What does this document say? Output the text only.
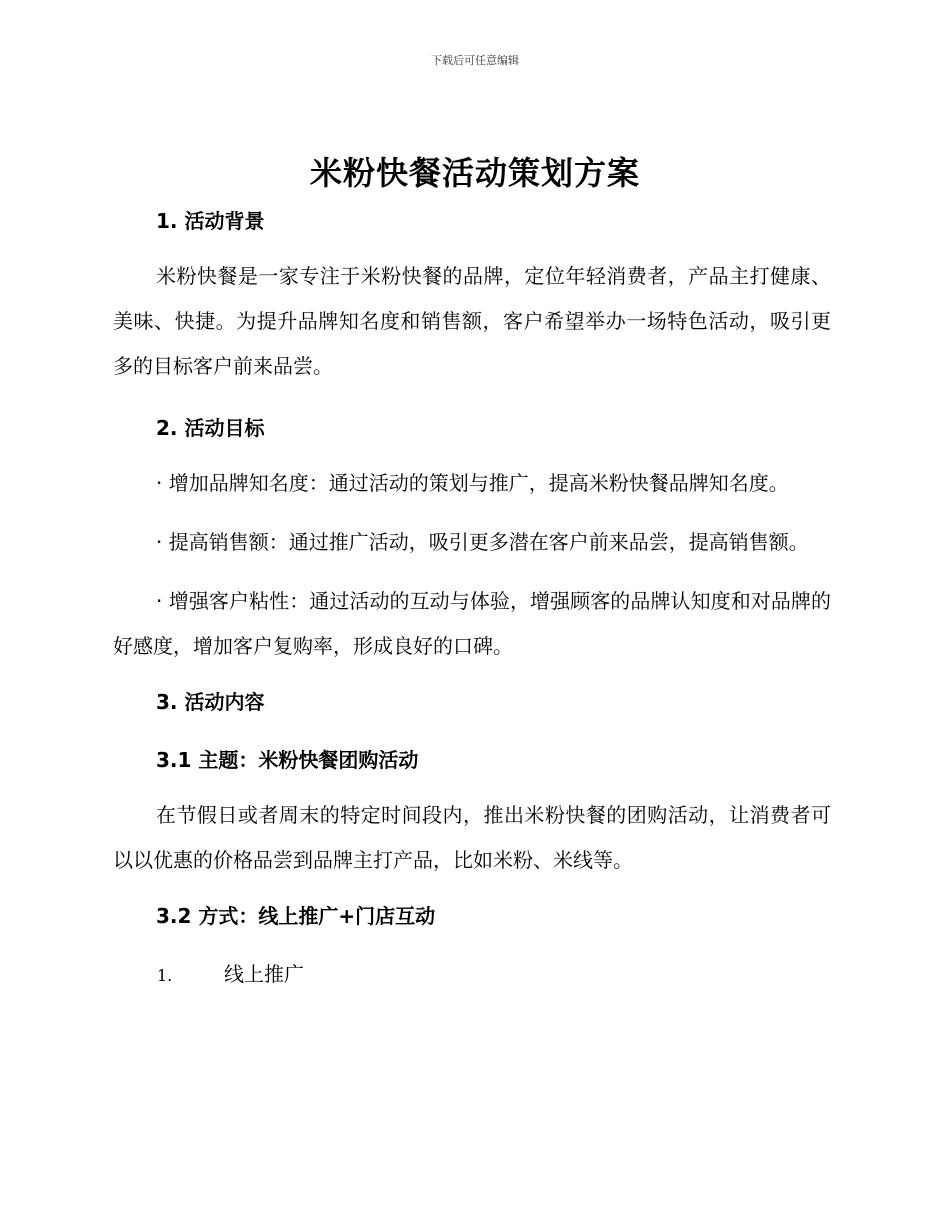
下载后可任意编辑
米粉快餐活动策划方案
1. 活动背景

米粉快餐是一家专注于米粉快餐的品牌，定位年轻消费者，产品主打健康、美味、快捷。为提升品牌知名度和销售额，客户希望举办一场特色活动，吸引更多的目标客户前来品尝。

2. 活动目标

· 增加品牌知名度：通过活动的策划与推广，提高米粉快餐品牌知名度。

· 提高销售额：通过推广活动，吸引更多潜在客户前来品尝，提高销售额。

· 增强客户粘性：通过活动的互动与体验，增强顾客的品牌认知度和对品牌的好感度，增加客户复购率，形成良好的口碑。

3. 活动内容
3.1 主题：米粉快餐团购活动

在节假日或者周末的特定时间段内，推出米粉快餐的团购活动，让消费者可以以优惠的价格品尝到品牌主打产品，比如米粉、米线等。

3.2 方式：线上推广+门店互动
1.	线上推广
